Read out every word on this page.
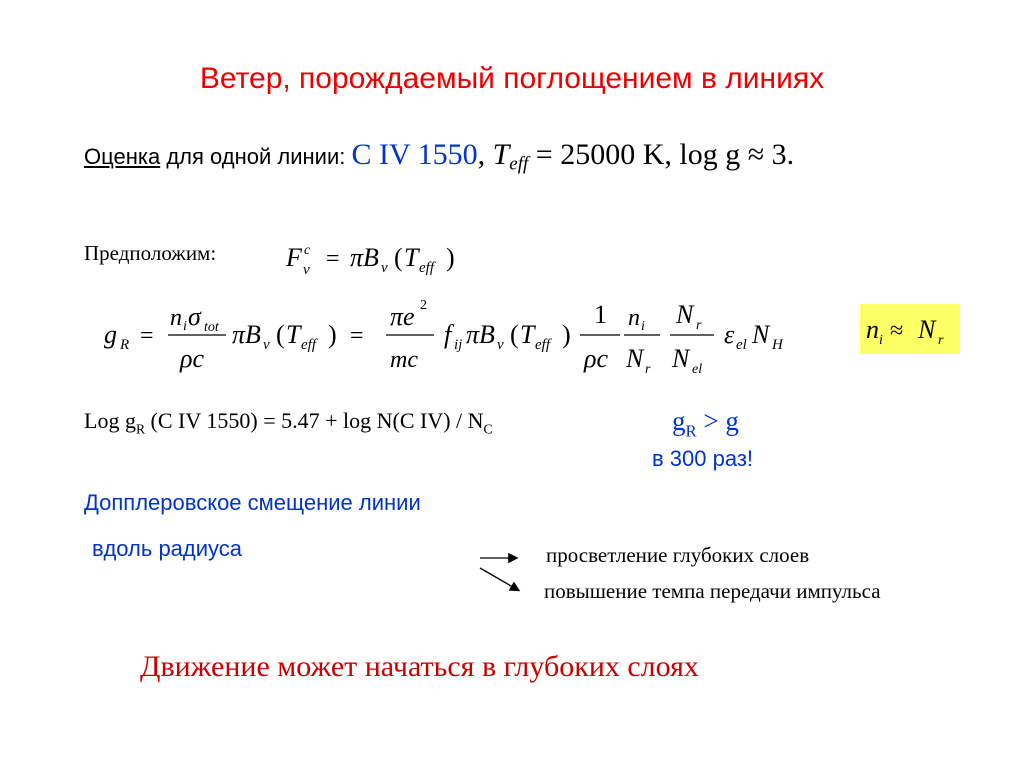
Ветер, порождаемый поглощением в линиях
Оценка для одной линии: C IV 1550, $T_{eff} = 25000$ K, log g ≈ 3.
Предположим:	F c
ν = πB ν ( T eff )
g R =
n i σ tot
ρc
πB ν ( T eff ) =
πe 2
mc
f ij πB ν ( T eff )
1
ρc
n i
N r
N r
N el
ε el N H
n i ≈ N r
Log $g_R$ (C IV 1550) = 5.47 + log N(C $IV) / N_C$	$g_R > g$
в 300 раз!
Допплеровское смещение линии
вдоль радиуса	просветление глубоких слоев
повышение темпа передачи импульса
Движение может начаться в глубоких слоях
